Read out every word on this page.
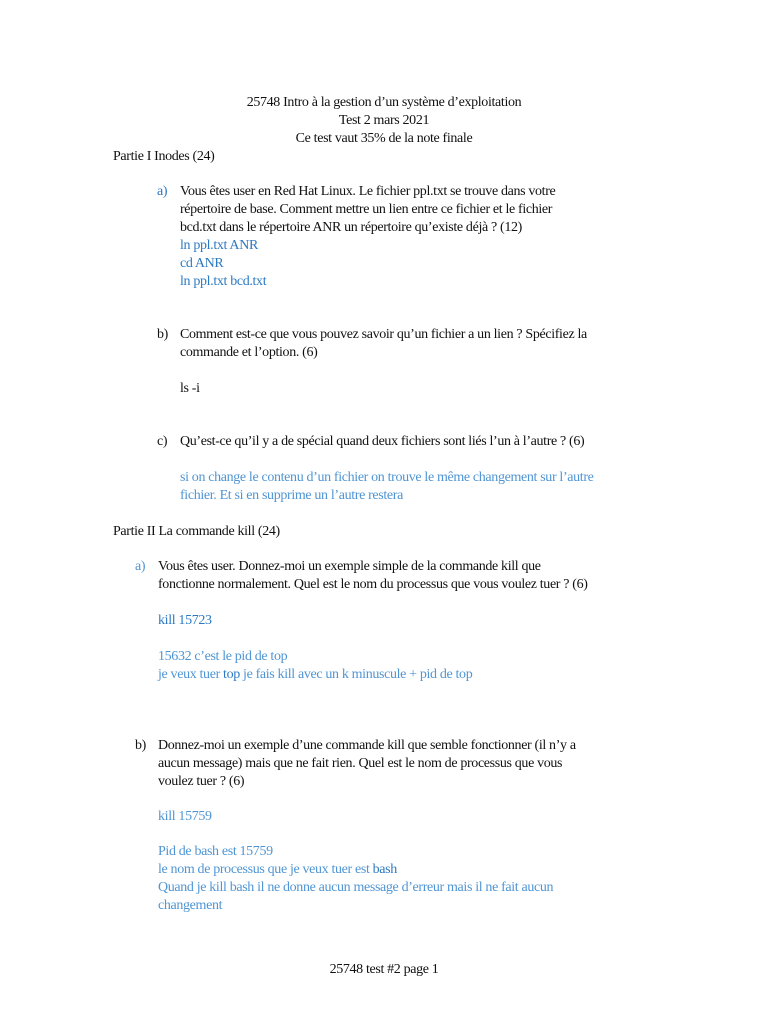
25748 Intro à la gestion d’un système d’exploitation
Test 2 mars 2021
Ce test vaut 35% de la note finale
Partie I Inodes (24)
a) Vous êtes user en Red Hat Linux. Le fichier ppl.txt se trouve dans votre
répertoire de base. Comment mettre un lien entre ce fichier et le fichier
bcd.txt dans le répertoire ANR un répertoire qu’existe déjà ? (12)
ln ppl.txt ANR
cd ANR
ln ppl.txt bcd.txt
b) Comment est-ce que vous pouvez savoir qu’un fichier a un lien ? Spécifiez la
commande et l’option. (6)
ls -i
c) Qu’est-ce qu’il y a de spécial quand deux fichiers sont liés l’un à l’autre ? (6)
si on change le contenu d’un fichier on trouve le même changement sur l’autre
fichier. Et si en supprime un l’autre restera
Partie II La commande kill (24)
a) Vous êtes user. Donnez-moi un exemple simple de la commande kill que
fonctionne normalement. Quel est le nom du processus que vous voulez tuer ? (6)
kill 15723
15632 c’est le pid de top
je veux tuer top je fais kill avec un k minuscule + pid de top
b) Donnez-moi un exemple d’une commande kill que semble fonctionner (il n’y a
aucun message) mais que ne fait rien. Quel est le nom de processus que vous
voulez tuer ? (6)
kill 15759
Pid de bash est 15759
le nom de processus que je veux tuer est bash
Quand je kill bash il ne donne aucun message d’erreur mais il ne fait aucun
changement
25748 test #2 page 1
